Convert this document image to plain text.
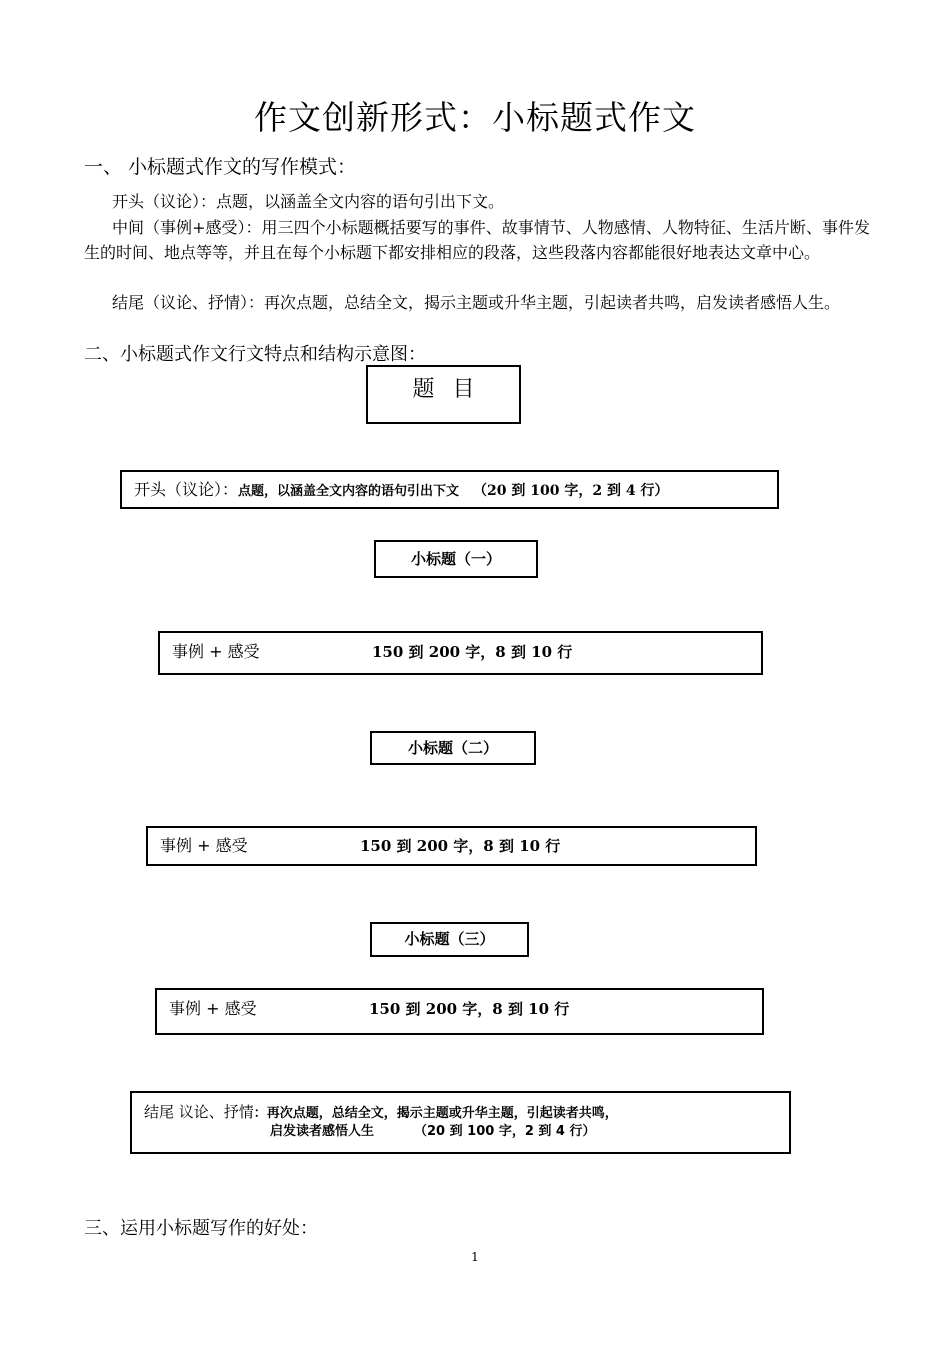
作文创新形式：小标题式作文
一、 小标题式作文的写作模式：
开头（议论）：点题，以涵盖全文内容的语句引出下文。
中间（事例+感受）：用三四个小标题概括要写的事件、故事情节、人物感情、人物特征、生活片断、事件发生的时间、地点等等，并且在每个小标题下都安排相应的段落，这些段落内容都能很好地表达文章中心。
结尾（议论、抒情）：再次点题，总结全文，揭示主题或升华主题，引起读者共鸣，启发读者感悟人生。
二、小标题式作文行文特点和结构示意图：
题目
开头（议论）：点题，以涵盖全文内容的语句引出下文 （20 到 100 字，2 到 4 行）
小标题（一）
事例 + 感受	150 到 200 字，8 到 10 行
小标题（二）
事例 + 感受	150 到 200 字，8 到 10 行
小标题（三）
事例 + 感受	150 到 200 字，8 到 10 行
结尾 议论、抒情：再次点题，总结全文，揭示主题或升华主题，引起读者共鸣，
启发读者感悟人生	（20 到 100 字，2 到 4 行）
三、运用小标题写作的好处：
1
